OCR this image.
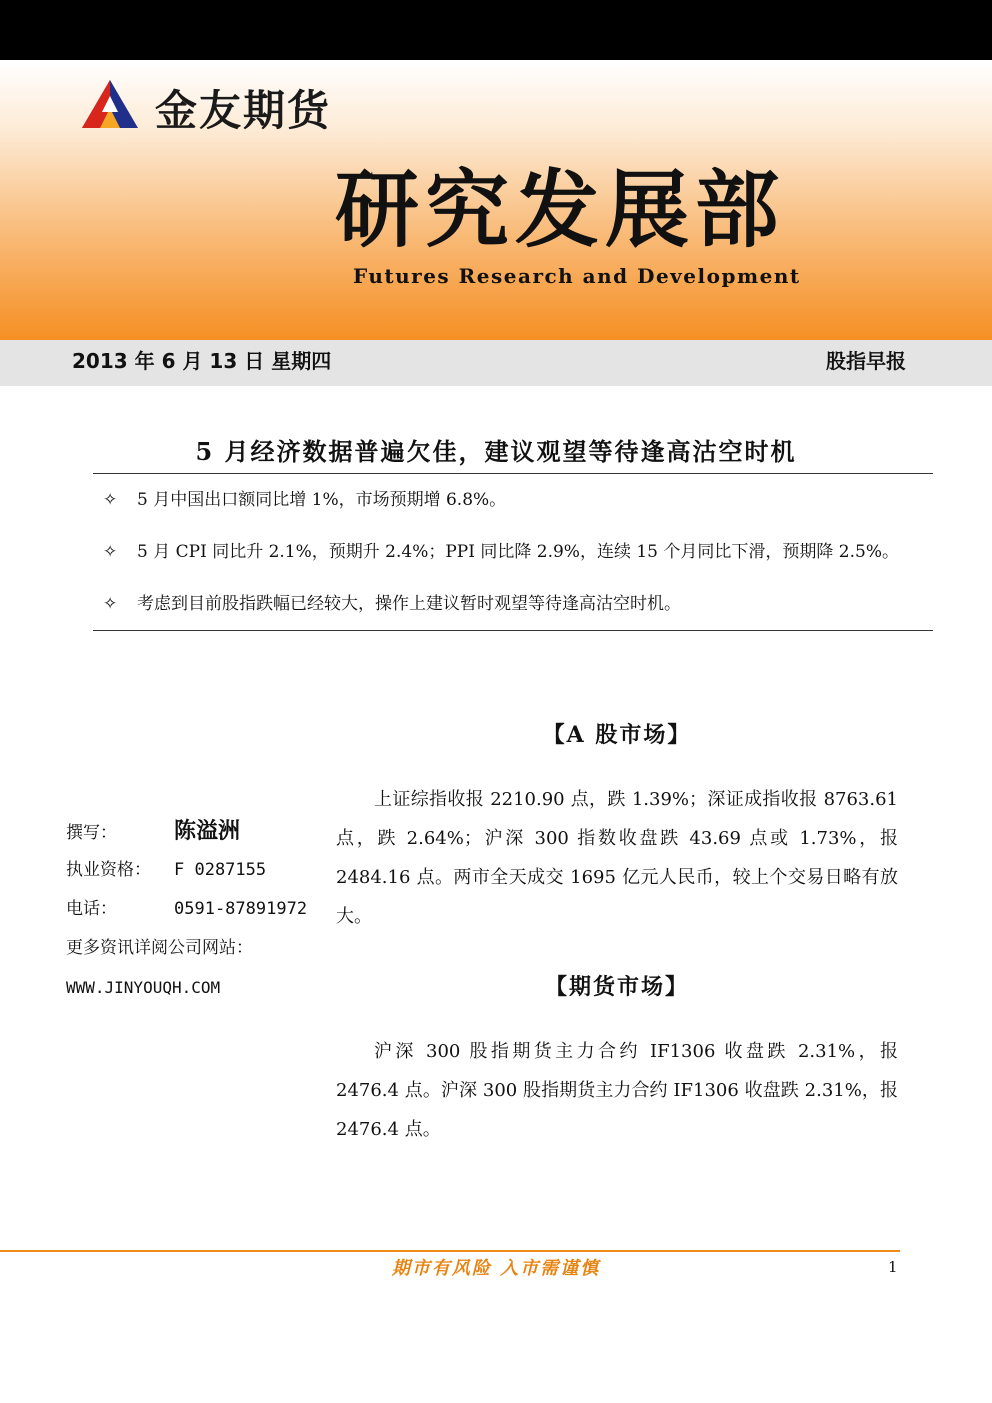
金友期货
研究发展部
Futures Research and Development
2013 年 6 月 13 日 星期四	股指早报
5 月经济数据普遍欠佳，建议观望等待逢高沽空时机
✧ 5 月中国出口额同比增 1%，市场预期增 6.8%。
✧ 5 月 CPI 同比升 2.1%，预期升 2.4%；PPI 同比降 2.9%，连续 15 个月同比下滑，预期降 2.5%。
✧ 考虑到目前股指跌幅已经较大，操作上建议暂时观望等待逢高沽空时机。
【A 股市场】
上证综指收报 2210.90 点，跌 1.39%；深证成指收报 8763.61 点，跌 2.64%；沪深 300 指数收盘跌 43.69 点或 1.73%，报 2484.16 点。两市全天成交 1695 亿元人民币，较上个交易日略有放大。
撰写：	陈溢洲
执业资格： F 0287155
电话：	0591-87891972
更多资讯详阅公司网站：
WWW.JINYOUQH.COM	【期货市场】
沪深 300 股指期货主力合约 IF1306 收盘跌 2.31%，报 2476.4 点。沪深 300 股指期货主力合约 IF1306 收盘跌 2.31%，报 2476.4 点。
期市有风险 入市需谨慎	1
